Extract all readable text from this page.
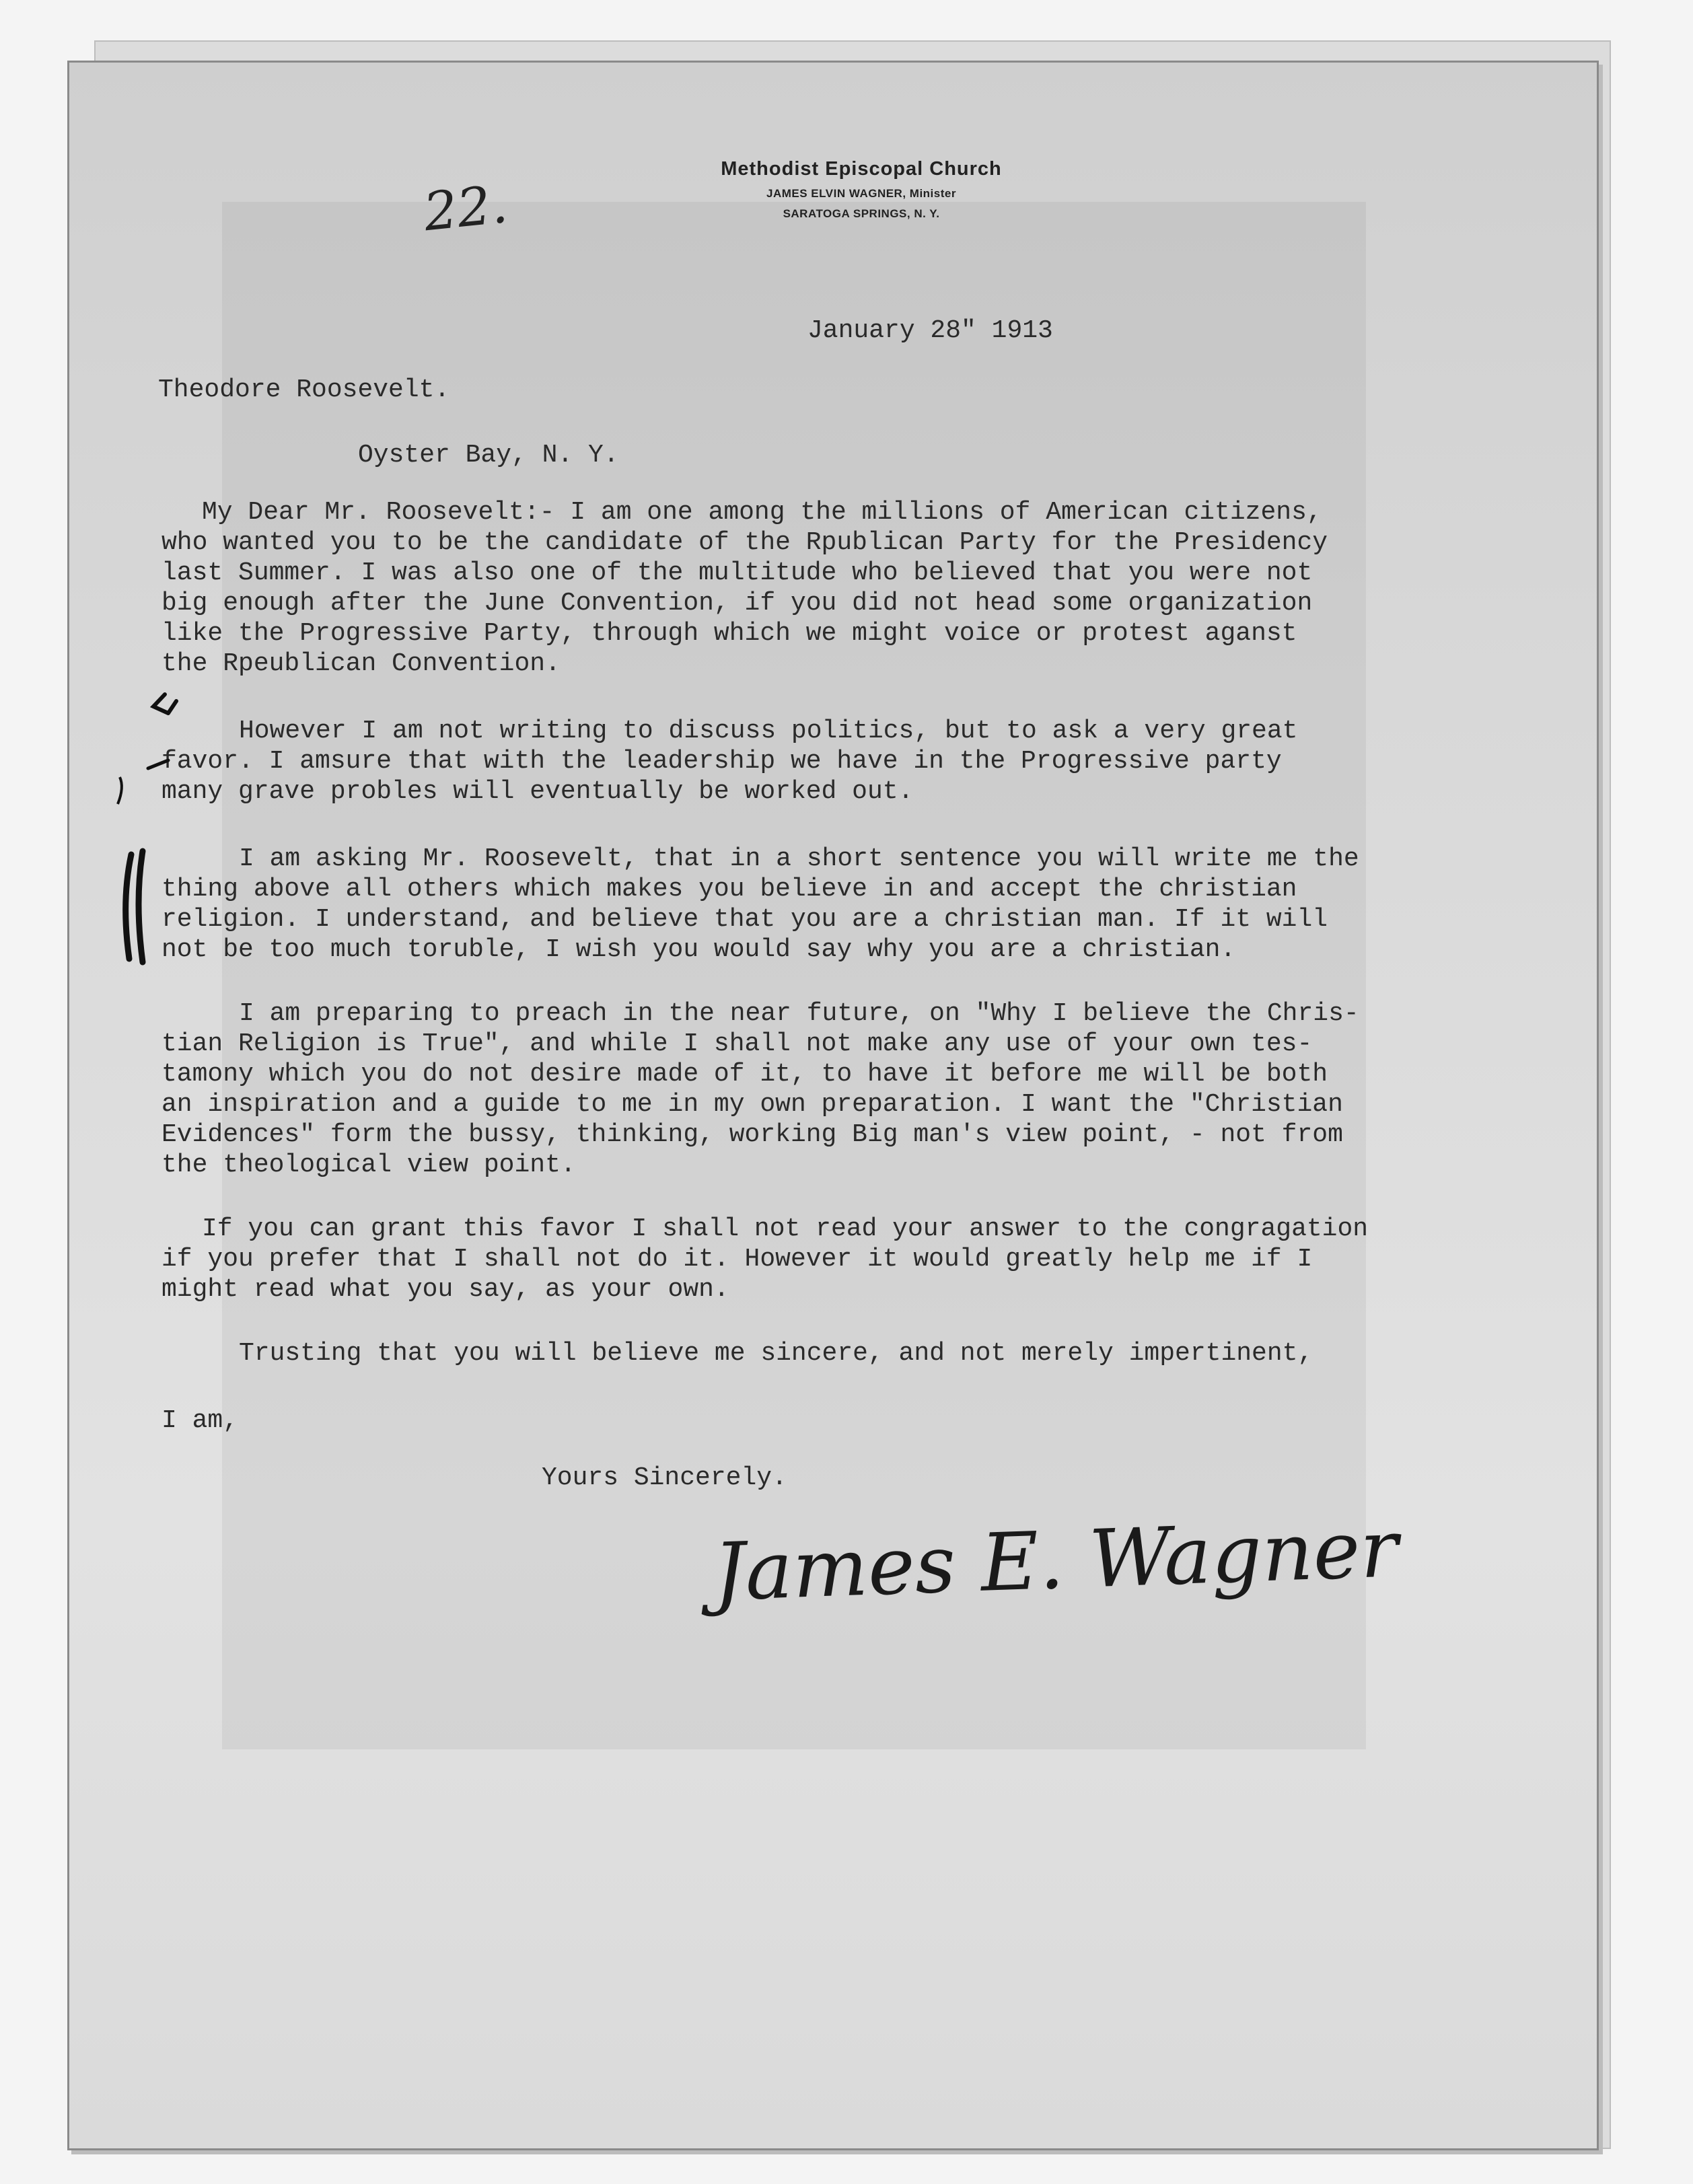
Methodist Episcopal Church
JAMES ELVIN WAGNER, Minister
SARATOGA SPRINGS, N. Y.
22.
January 28" 1913
Theodore Roosevelt.
Oyster Bay, N. Y.
My Dear Mr. Roosevelt:- I am one among the millions of American citizens,
who wanted you to be the candidate of the Rpublican Party for the Presidency
last Summer. I was also one of the multitude who believed that you were not
big enough after the June Convention, if you did not head some organization
like the Progressive Party, through which we might voice or protest aganst
the Rpeublican Convention.
However I am not writing to discuss politics, but to ask a very great
favor. I amsure that with the leadership we have in the Progressive party
many grave probles will eventually be worked out.
I am asking Mr. Roosevelt, that in a short sentence you will write me the
thing above all others which makes you believe in and accept the christian
religion. I understand, and believe that you are a christian man. If it will
not be too much toruble, I wish you would say why you are a christian.
I am preparing to preach in the near future, on "Why I believe the Chris-
tian Religion is True", and while I shall not make any use of your own tes-
tamony which you do not desire made of it, to have it before me will be both
an inspiration and a guide to me in my own preparation. I want the "Christian
Evidences" form the bussy, thinking, working Big man's view point, - not from
the theological view point.
If you can grant this favor I shall not read your answer to the congragation
if you prefer that I shall not do it. However it would greatly help me if I
might read what you say, as your own.
Trusting that you will believe me sincere, and not merely impertinent,
I am,
Yours Sincerely.
James E. Wagner
